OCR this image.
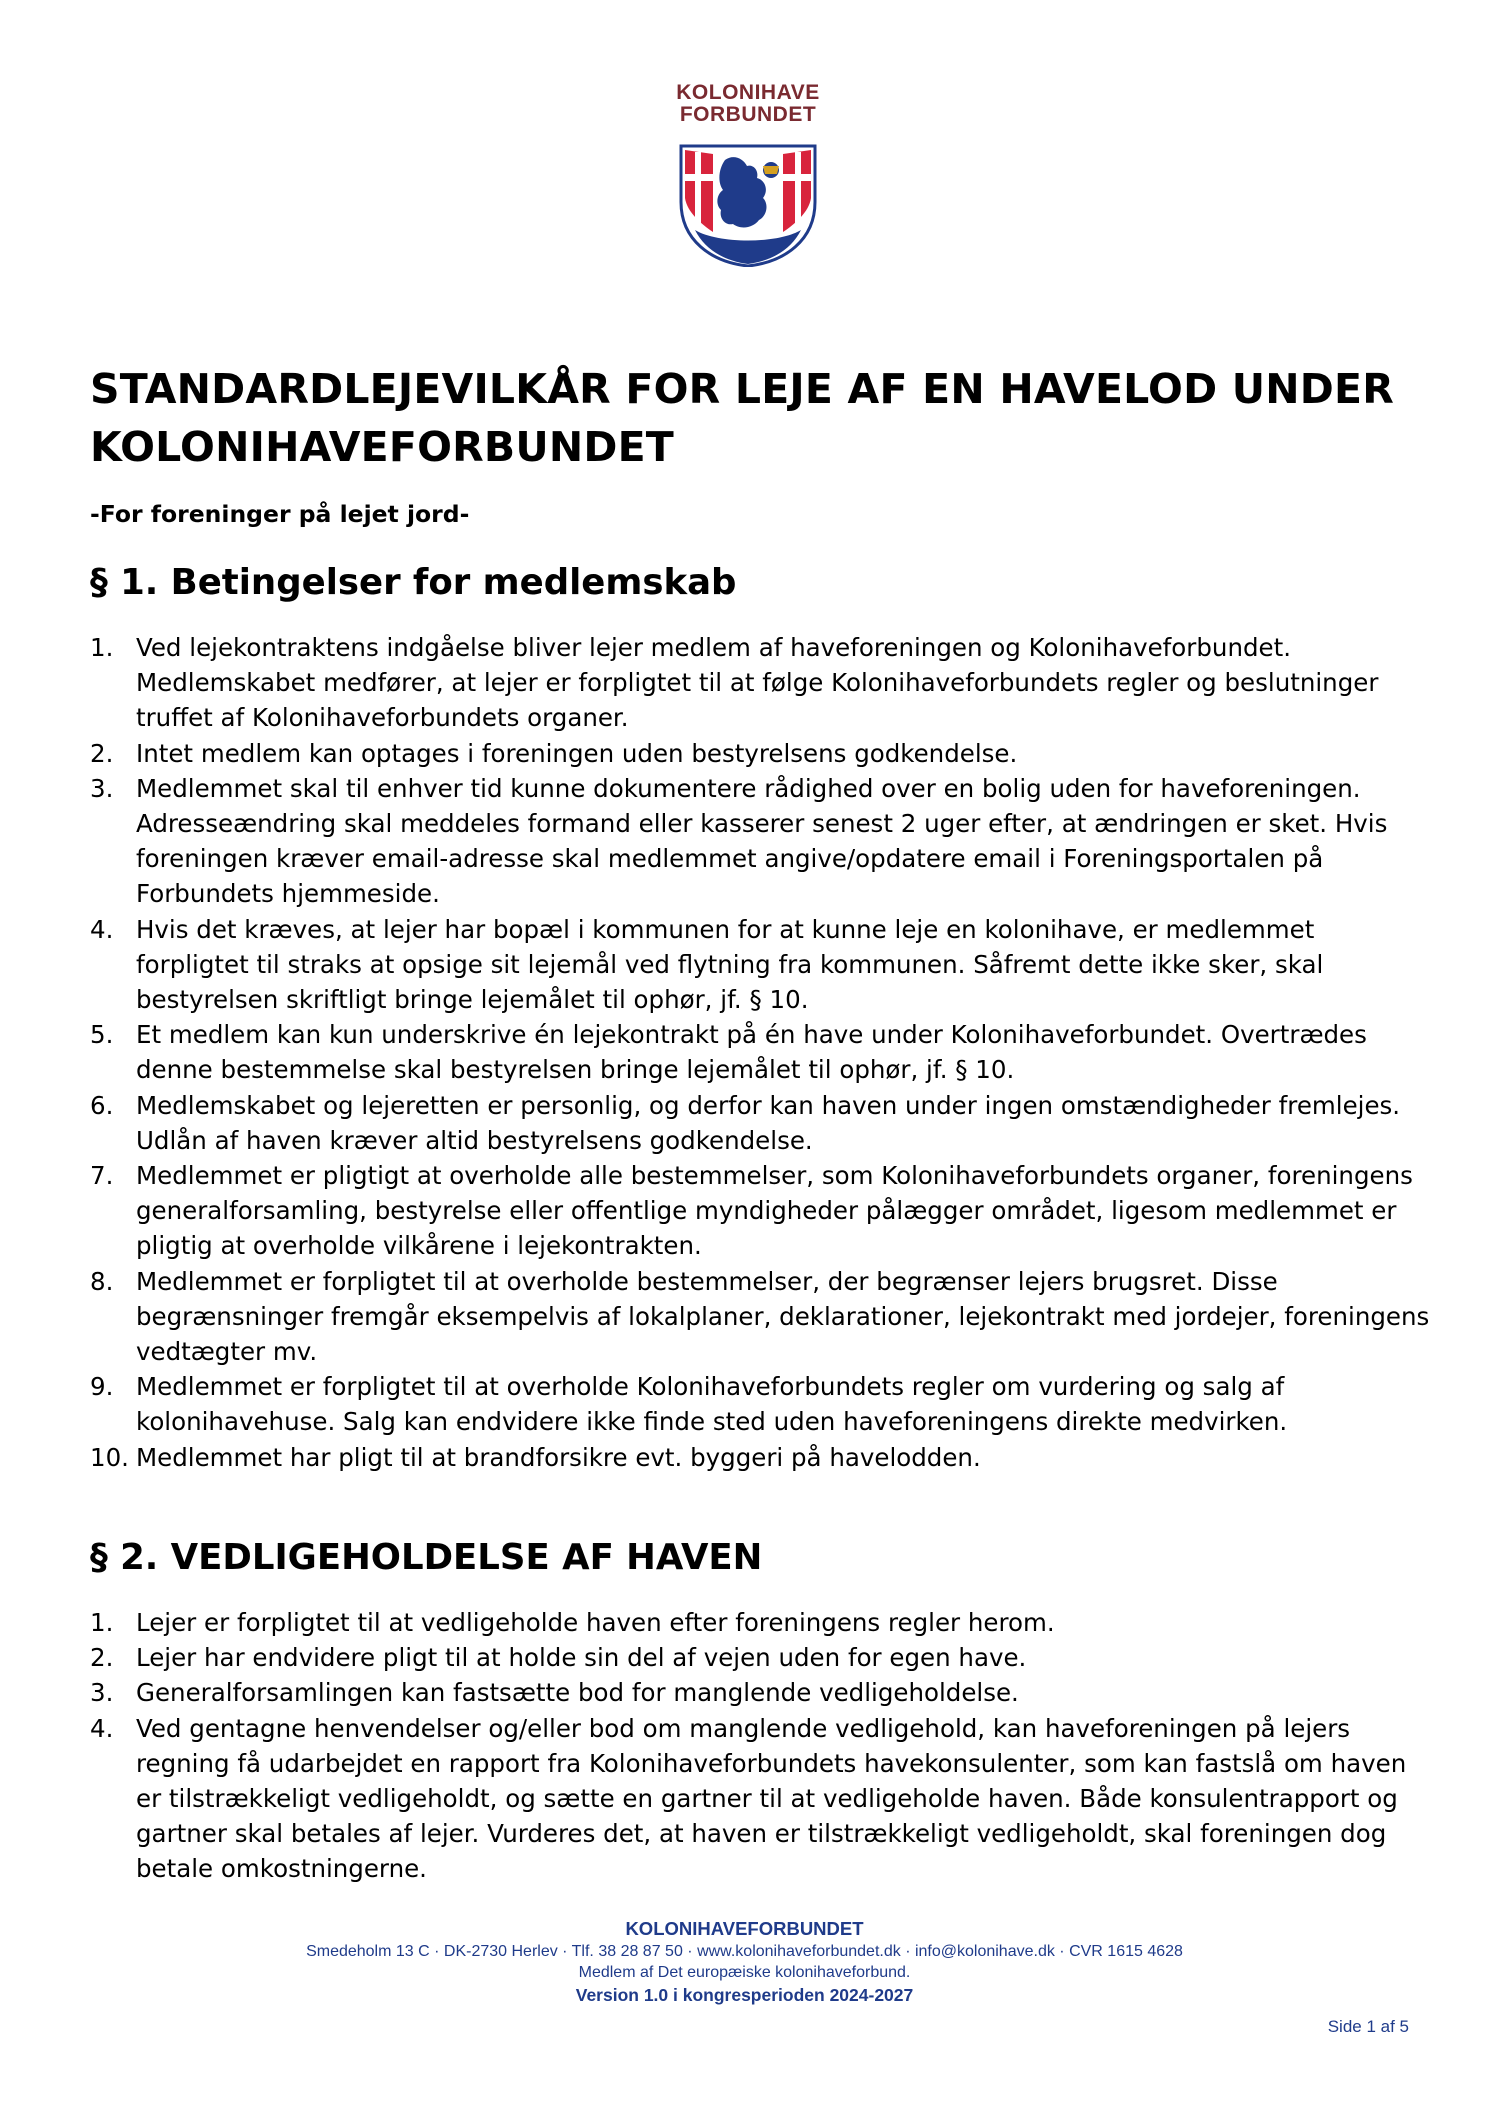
KOLONIHAVE
FORBUNDET
STANDARDLEJEVILKÅR FOR LEJE AF EN HAVELOD UNDER KOLONIHAVEFORBUNDET
-For foreninger på lejet jord-
§ 1. Betingelser for medlemskab
1. Ved lejekontraktens indgåelse bliver lejer medlem af haveforeningen og Kolonihaveforbundet. Medlemskabet medfører, at lejer er forpligtet til at følge Kolonihaveforbundets regler og beslutninger truffet af Kolonihaveforbundets organer.
2. Intet medlem kan optages i foreningen uden bestyrelsens godkendelse.
3. Medlemmet skal til enhver tid kunne dokumentere rådighed over en bolig uden for haveforeningen. Adresseændring skal meddeles formand eller kasserer senest 2 uger efter, at ændringen er sket. Hvis foreningen kræver email-adresse skal medlemmet angive/opdatere email i Foreningsportalen på Forbundets hjemmeside.
4. Hvis det kræves, at lejer har bopæl i kommunen for at kunne leje en kolonihave, er medlemmet forpligtet til straks at opsige sit lejemål ved flytning fra kommunen. Såfremt dette ikke sker, skal bestyrelsen skriftligt bringe lejemålet til ophør, jf. § 10.
5. Et medlem kan kun underskrive én lejekontrakt på én have under Kolonihaveforbundet. Overtrædes denne bestemmelse skal bestyrelsen bringe lejemålet til ophør, jf. § 10.
6. Medlemskabet og lejeretten er personlig, og derfor kan haven under ingen omstændigheder fremlejes. Udlån af haven kræver altid bestyrelsens godkendelse.
7. Medlemmet er pligtigt at overholde alle bestemmelser, som Kolonihaveforbundets organer, foreningens generalforsamling, bestyrelse eller offentlige myndigheder pålægger området, ligesom medlemmet er pligtig at overholde vilkårene i lejekontrakten.
8. Medlemmet er forpligtet til at overholde bestemmelser, der begrænser lejers brugsret. Disse begrænsninger fremgår eksempelvis af lokalplaner, deklarationer, lejekontrakt med jordejer, foreningens vedtægter mv.
9. Medlemmet er forpligtet til at overholde Kolonihaveforbundets regler om vurdering og salg af kolonihavehuse. Salg kan endvidere ikke finde sted uden haveforeningens direkte medvirken.
10. Medlemmet har pligt til at brandforsikre evt. byggeri på havelodden.
§ 2. VEDLIGEHOLDELSE AF HAVEN
1. Lejer er forpligtet til at vedligeholde haven efter foreningens regler herom.
2. Lejer har endvidere pligt til at holde sin del af vejen uden for egen have.
3. Generalforsamlingen kan fastsætte bod for manglende vedligeholdelse.
4. Ved gentagne henvendelser og/eller bod om manglende vedligehold, kan haveforeningen på lejers regning få udarbejdet en rapport fra Kolonihaveforbundets havekonsulenter, som kan fastslå om haven er tilstrækkeligt vedligeholdt, og sætte en gartner til at vedligeholde haven. Både konsulentrapport og gartner skal betales af lejer. Vurderes det, at haven er tilstrækkeligt vedligeholdt, skal foreningen dog betale omkostningerne.
KOLONIHAVEFORBUNDET
Smedeholm 13 C · DK-2730 Herlev · Tlf. 38 28 87 50 · www.kolonihaveforbundet.dk · info@kolonihave.dk · CVR 1615 4628
Medlem af Det europæiske kolonihaveforbund.
Version 1.0 i kongresperioden 2024-2027
Side 1 af 5
